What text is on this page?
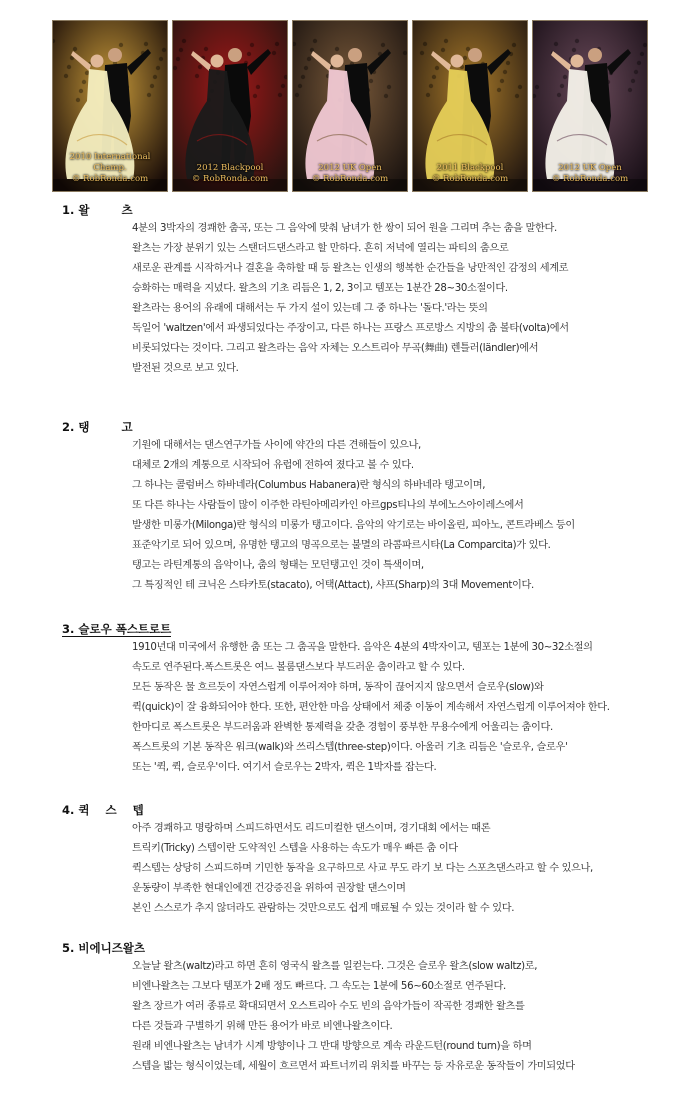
2010 International Champ.
© RobRonda.com
2012 Blackpool
© RobRonda.com
2012 UK Open
© RobRonda.com
2011 Blackpool
© RobRonda.com
2012 UK Open
© RobRonda.com
1. 왈        츠
4분의 3박자의 경쾌한 춤곡, 또는 그 음악에 맞춰 남녀가 한 쌍이 되어 원을 그리며 추는 춤을 말한다.
왈츠는 가장 분위기 있는 스탠더드댄스라고 할 만하다. 흔히 저녁에 열리는 파티의 춤으로
새로운 관계를 시작하거나 결혼을 축하할 때 등 왈츠는 인생의 행복한 순간들을 낭만적인 감정의 세계로
승화하는 매력을 지녔다. 왈츠의 기초 리듬은 1, 2, 3이고 템포는 1분간 28~30소절이다.
왈츠라는 용어의 유래에 대해서는 두 가지 설이 있는데 그 중 하나는 '돌다.'라는 뜻의
독일어 'waltzen'에서 파생되었다는 주장이고, 다른 하나는 프랑스 프로방스 지방의 춤 볼타(volta)에서
비롯되었다는 것이다. 그리고 왈츠라는 음악 자체는 오스트리아 무곡(舞曲) 렌틀러(ländler)에서
발전된 것으로 보고 있다.
2. 탱        고
기원에 대해서는 댄스연구가들 사이에 약간의 다른 견해들이 있으나,
대체로 2개의 계통으로 시작되어 유럽에 전하여 졌다고 볼 수 있다.
그 하나는 콜럼버스 하바네라(Columbus Habanera)란 형식의 하바네라 탱고이며,
또 다른 하나는 사람들이 많이 이주한 라틴아메리카인 아르gps티나의 부에노스아이레스에서
발생한 미롱가(Milonga)란 형식의 미롱가 탱고이다. 음악의 악기로는 바이올린, 피아노, 콘트라베스 등이
표준악기로 되어 있으며, 유명한 탱고의 명곡으로는 불멸의 라콤파르시타(La Comparcita)가 있다.
탱고는 라틴계통의 음악이나, 춤의 형태는 모던탱고인 것이 특색이며,
그 특징적인 테 크닉은 스타카토(stacato), 어택(Attact), 샤프(Sharp)의 3대 Movement이다.
3. 슬로우 폭스트로트
1910년대 미국에서 유행한 춤 또는 그 춤곡을 말한다. 음악은 4분의 4박자이고, 템포는 1분에 30~32소절의
속도로 연주된다.폭스트롯은 여느 볼룸댄스보다 부드러운 춤이라고 할 수 있다.
모든 동작은 물 흐르듯이 자연스럽게 이루어져야 하며, 동작이 끊어지지 않으면서 슬로우(slow)와
퀵(quick)이 잘 융화되어야 한다. 또한, 편안한 마음 상태에서 체중 이동이 계속해서 자연스럽게 이루어져야 한다.
한마디로 폭스트롯은 부드러움과 완벽한 통제력을 갖춘 경험이 풍부한 무용수에게 어울리는 춤이다.
폭스트롯의 기본 동작은 워크(walk)와 쓰리스텝(three-step)이다. 아울러 기초 리듬은 '슬로우, 슬로우'
또는 '퀵, 퀵, 슬로우'이다. 여기서 슬로우는 2박자, 퀵은 1박자를 잡는다.
4. 퀵    스    텝
아주 경쾌하고 명랑하며 스피드하면서도 리드미컬한 댄스이며, 경기대회 에서는 때론
트릭키(Tricky) 스텝이란 도약적인 스텝을 사용하는 속도가 매우 빠른 춤 이다
퀵스텝는 상당히 스피드하며 기민한 동작을 요구하므로 사교 무도 라기 보 다는 스포츠댄스라고 할 수 있으나,
운동량이 부족한 현대인에겐 건강증진을 위하여 권장할 댄스이며
본인 스스로가 추지 않더라도 관람하는 것만으로도 쉽게 매료될 수 있는 것이라 할 수 있다.
5. 비에니즈왈츠
오늘날 왈츠(waltz)라고 하면 흔히 영국식 왈츠를 일컫는다. 그것은 슬로우 왈츠(slow waltz)로,
비엔나왈츠는 그보다 템포가 2배 정도 빠르다. 그 속도는 1분에 56~60소절로 연주된다.
왈츠 장르가 여러 종류로 확대되면서 오스트리아 수도 빈의 음악가들이 작곡한 경쾌한 왈츠를
다른 것들과 구별하기 위해 만든 용어가 바로 비엔나왈츠이다.
원래 비엔나왈츠는 남녀가 시계 방향이나 그 반대 방향으로 계속 라운드턴(round turn)을 하며
스텝을 밟는 형식이었는데, 세월이 흐르면서 파트너끼리 위치를 바꾸는 등 자유로운 동작들이 가미되었다
